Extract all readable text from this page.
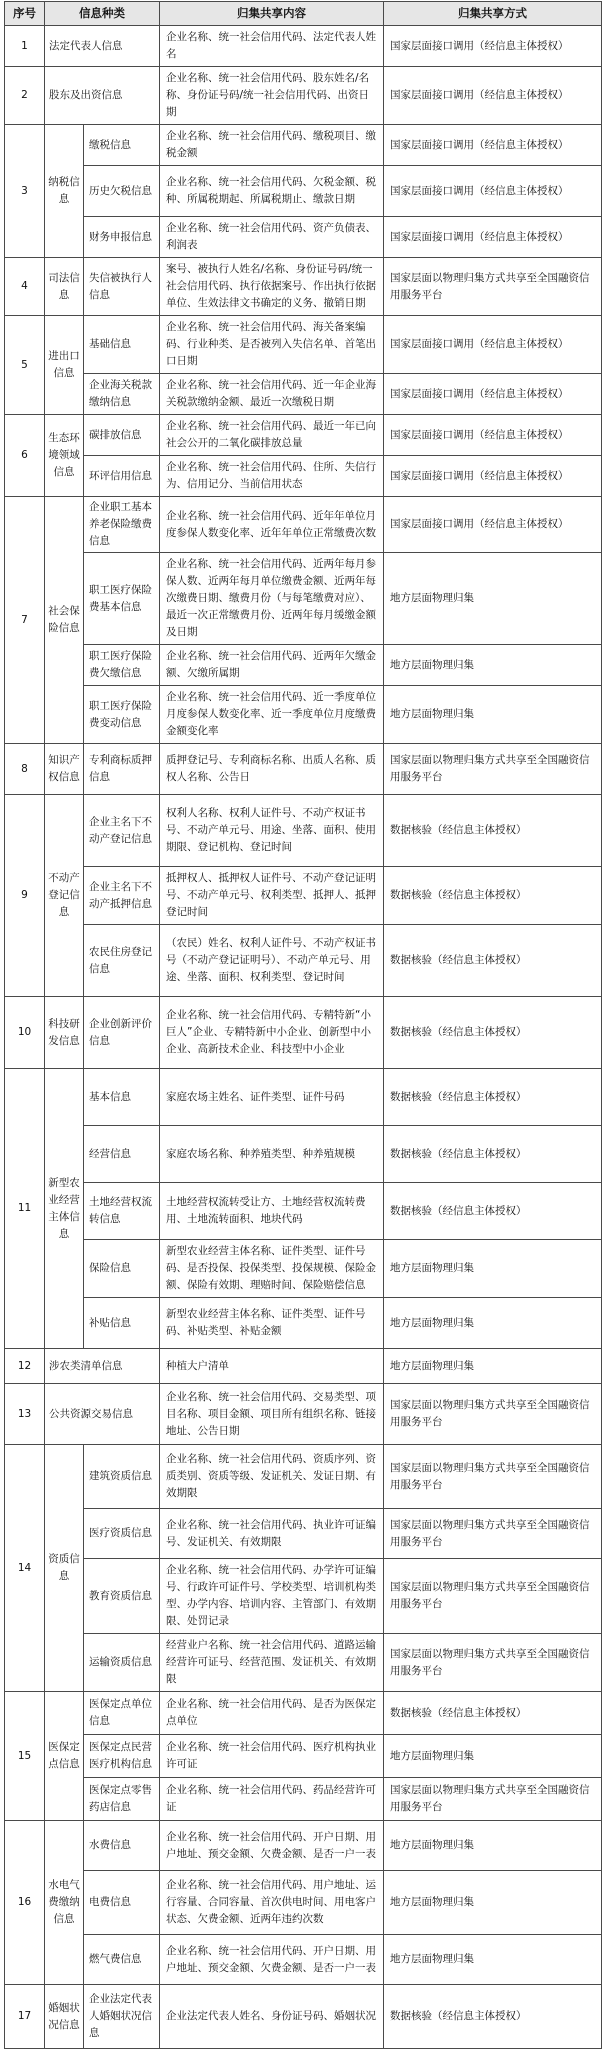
序号	信息种类		归集共享内容	归集共享方式
1	法定代表人信息		企业名称、统一社会信用代码、法定代表人姓名	国家层面接口调用（经信息主体授权）
2	股东及出资信息		企业名称、统一社会信用代码、股东姓名/名称、身份证号码/统一社会信用代码、出资日期	国家层面接口调用（经信息主体授权）
3	纳税信息	缴税信息	企业名称、统一社会信用代码、缴税项目、缴税金额	国家层面接口调用（经信息主体授权）
		历史欠税信息	企业名称、统一社会信用代码、欠税金额、税种、所属税期起、所属税期止、缴款日期	国家层面接口调用（经信息主体授权）
		财务申报信息	企业名称、统一社会信用代码、资产负债表、利润表	国家层面接口调用（经信息主体授权）
4	司法信息	失信被执行人信息	案号、被执行人姓名/名称、身份证号码/统一社会信用代码、执行依据案号、作出执行依据单位、生效法律文书确定的义务、撤销日期	国家层面以物理归集方式共享至全国融资信用服务平台
5	进出口信息	基础信息	企业名称、统一社会信用代码、海关备案编码、行业种类、是否被列入失信名单、首笔出口日期	国家层面接口调用（经信息主体授权）
		企业海关税款缴纳信息	企业名称、统一社会信用代码、近一年企业海关税款缴纳金额、最近一次缴税日期	国家层面接口调用（经信息主体授权）
6	生态环境领域信息	碳排放信息	企业名称、统一社会信用代码、最近一年已向社会公开的二氧化碳排放总量	国家层面接口调用（经信息主体授权）
		环评信用信息	企业名称、统一社会信用代码、住所、失信行为、信用记分、当前信用状态	国家层面接口调用（经信息主体授权）
7	社会保险信息	企业职工基本养老保险缴费信息	企业名称、统一社会信用代码、近年年单位月度参保人数变化率、近年年单位正常缴费次数	国家层面接口调用（经信息主体授权）
		职工医疗保险费基本信息	企业名称、统一社会信用代码、近两年每月参保人数、近两年每月单位缴费金额、近两年每次缴费日期、缴费月份（与每笔缴费对应）、最近一次正常缴费月份、近两年每月缓缴金额及日期	地方层面物理归集
		职工医疗保险费欠缴信息	企业名称、统一社会信用代码、近两年欠缴金额、欠缴所属期	地方层面物理归集
		职工医疗保险费变动信息	企业名称、统一社会信用代码、近一季度单位月度参保人数变化率、近一季度单位月度缴费金额变化率	地方层面物理归集
8	知识产权信息	专利商标质押信息	质押登记号、专利商标名称、出质人名称、质权人名称、公告日	国家层面以物理归集方式共享至全国融资信用服务平台
9	不动产登记信息	企业主名下不动产登记信息	权利人名称、权利人证件号、不动产权证书号、不动产单元号、用途、坐落、面积、使用期限、登记机构、登记时间	数据核验（经信息主体授权）
		企业主名下不动产抵押信息	抵押权人、抵押权人证件号、不动产登记证明号、不动产单元号、权利类型、抵押人、抵押登记时间	数据核验（经信息主体授权）
		农民住房登记信息	（农民）姓名、权利人证件号、不动产权证书号（不动产登记证明号）、不动产单元号、用途、坐落、面积、权利类型、登记时间	数据核验（经信息主体授权）
10	科技研发信息	企业创新评价信息	企业名称、统一社会信用代码、专精特新“小巨人”企业、专精特新中小企业、创新型中小企业、高新技术企业、科技型中小企业	数据核验（经信息主体授权）
11	新型农业经营主体信息	基本信息	家庭农场主姓名、证件类型、证件号码	数据核验（经信息主体授权）
		经营信息	家庭农场名称、种养殖类型、种养殖规模	数据核验（经信息主体授权）
		土地经营权流转信息	土地经营权流转受让方、土地经营权流转费用、土地流转面积、地块代码	数据核验（经信息主体授权）
		保险信息	新型农业经营主体名称、证件类型、证件号码、是否投保、投保类型、投保规模、保险金额、保险有效期、理赔时间、保险赔偿信息	地方层面物理归集
		补贴信息	新型农业经营主体名称、证件类型、证件号码、补贴类型、补贴金额	地方层面物理归集
12	涉农类清单信息		种植大户清单	地方层面物理归集
13	公共资源交易信息		企业名称、统一社会信用代码、交易类型、项目名称、项目金额、项目所有组织名称、链接地址、公告日期	国家层面以物理归集方式共享至全国融资信用服务平台
14	资质信息	建筑资质信息	企业名称、统一社会信用代码、资质序列、资质类别、资质等级、发证机关、发证日期、有效期限	国家层面以物理归集方式共享至全国融资信用服务平台
		医疗资质信息	企业名称、统一社会信用代码、执业许可证编号、发证机关、有效期限	国家层面以物理归集方式共享至全国融资信用服务平台
		教育资质信息	企业名称、统一社会信用代码、办学许可证编号、行政许可证件号、学校类型、培训机构类型、办学内容、培训内容、主管部门、有效期限、处罚记录	国家层面以物理归集方式共享至全国融资信用服务平台
		运输资质信息	经营业户名称、统一社会信用代码、道路运输经营许可证号、经营范围、发证机关、有效期限	国家层面以物理归集方式共享至全国融资信用服务平台
15	医保定点信息	医保定点单位信息	企业名称、统一社会信用代码、是否为医保定点单位	数据核验（经信息主体授权）
		医保定点民营医疗机构信息	企业名称、统一社会信用代码、医疗机构执业许可证	地方层面物理归集
		医保定点零售药店信息	企业名称、统一社会信用代码、药品经营许可证	国家层面以物理归集方式共享至全国融资信用服务平台
16	水电气费缴纳信息	水费信息	企业名称、统一社会信用代码、开户日期、用户地址、预交金额、欠费金额、是否一户一表	地方层面物理归集
		电费信息	企业名称、统一社会信用代码、用户地址、运行容量、合同容量、首次供电时间、用电客户状态、欠费金额、近两年违约次数	地方层面物理归集
		燃气费信息	企业名称、统一社会信用代码、开户日期、用户地址、预交金额、欠费金额、是否一户一表	地方层面物理归集
17	婚姻状况信息	企业法定代表人婚姻状况信息	企业法定代表人姓名、身份证号码、婚姻状况	数据核验（经信息主体授权）
